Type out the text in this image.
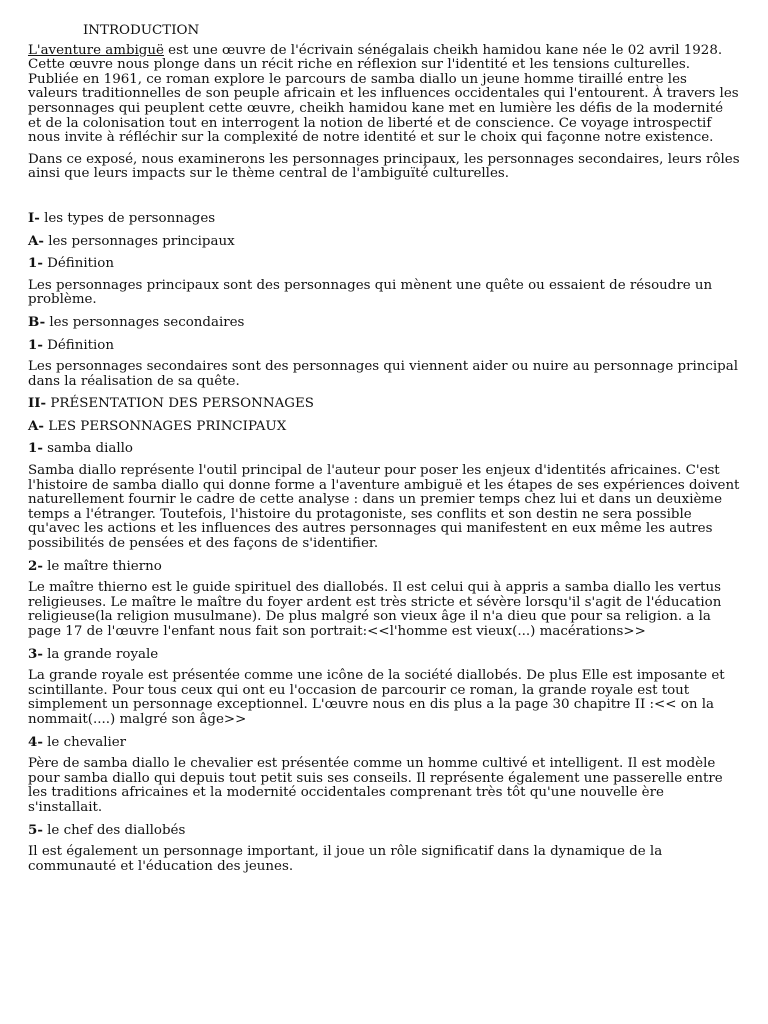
INTRODUCTION

L'aventure ambiguë est une œuvre de l'écrivain sénégalais cheikh hamidou kane née le 02 avril 1928. Cette œuvre nous plonge dans un récit riche en réflexion sur l'identité et les tensions culturelles. Publiée en 1961, ce roman explore le parcours de samba diallo un jeune homme tiraillé entre les valeurs traditionnelles de son peuple africain et les influences occidentales qui l'entourent. À travers les personnages qui peuplent cette œuvre, cheikh hamidou kane met en lumière les défis de la modernité et de la colonisation tout en interrogent la notion de liberté et de conscience. Ce voyage introspectif nous invite à réfléchir sur la complexité de notre identité et sur le choix qui façonne notre existence.

Dans ce exposé, nous examinerons les personnages principaux, les personnages secondaires, leurs rôles ainsi que leurs impacts sur le thème central de l'ambiguïté culturelles.

I- les types de personnages

A- les personnages principaux

1- Définition

Les personnages principaux sont des personnages qui mènent une quête ou essaient de résoudre un problème.

B- les personnages secondaires

1- Définition

Les personnages secondaires sont des personnages qui viennent aider ou nuire au personnage principal dans la réalisation de sa quête.

II- PRÉSENTATION DES PERSONNAGES

A- LES PERSONNAGES PRINCIPAUX

1- samba diallo

Samba diallo représente l'outil principal de l'auteur pour poser les enjeux d'identités africaines. C'est l'histoire de samba diallo qui donne forme a l'aventure ambiguë et les étapes de ses expériences doivent naturellement fournir le cadre de cette analyse : dans un premier temps chez lui et dans un deuxième temps a l'étranger. Toutefois, l'histoire du protagoniste, ses conflits et son destin ne sera possible qu'avec les actions et les influences des autres personnages qui manifestent en eux même les autres possibilités de pensées et des façons de s'identifier.

2- le maître thierno

Le maître thierno est le guide spirituel des diallobés. Il est celui qui à appris a samba diallo les vertus religieuses. Le maître le maître du foyer ardent est très stricte et sévère lorsqu'il s'agit de l'éducation religieuse(la religion musulmane). De plus malgré son vieux âge il n'a dieu que pour sa religion. a la page 17 de l'œuvre l'enfant nous fait son portrait:<<l'homme est vieux(...) macérations>>

3- la grande royale

La grande royale est présentée comme une icône de la société diallobés. De plus Elle est imposante et scintillante. Pour tous ceux qui ont eu l'occasion de parcourir ce roman, la grande royale est tout simplement un personnage exceptionnel. L'œuvre nous en dis plus a la page 30 chapitre II :<< on la nommait(....) malgré son âge>>

4- le chevalier

Père de samba diallo le chevalier est présentée comme un homme cultivé et intelligent. Il est modèle pour samba diallo qui depuis tout petit suis ses conseils. Il représente également une passerelle entre les traditions africaines et la modernité occidentales comprenant très tôt qu'une nouvelle ère s'installait.

5- le chef des diallobés

Il est également un personnage important, il joue un rôle significatif dans la dynamique de la communauté et l'éducation des jeunes.
